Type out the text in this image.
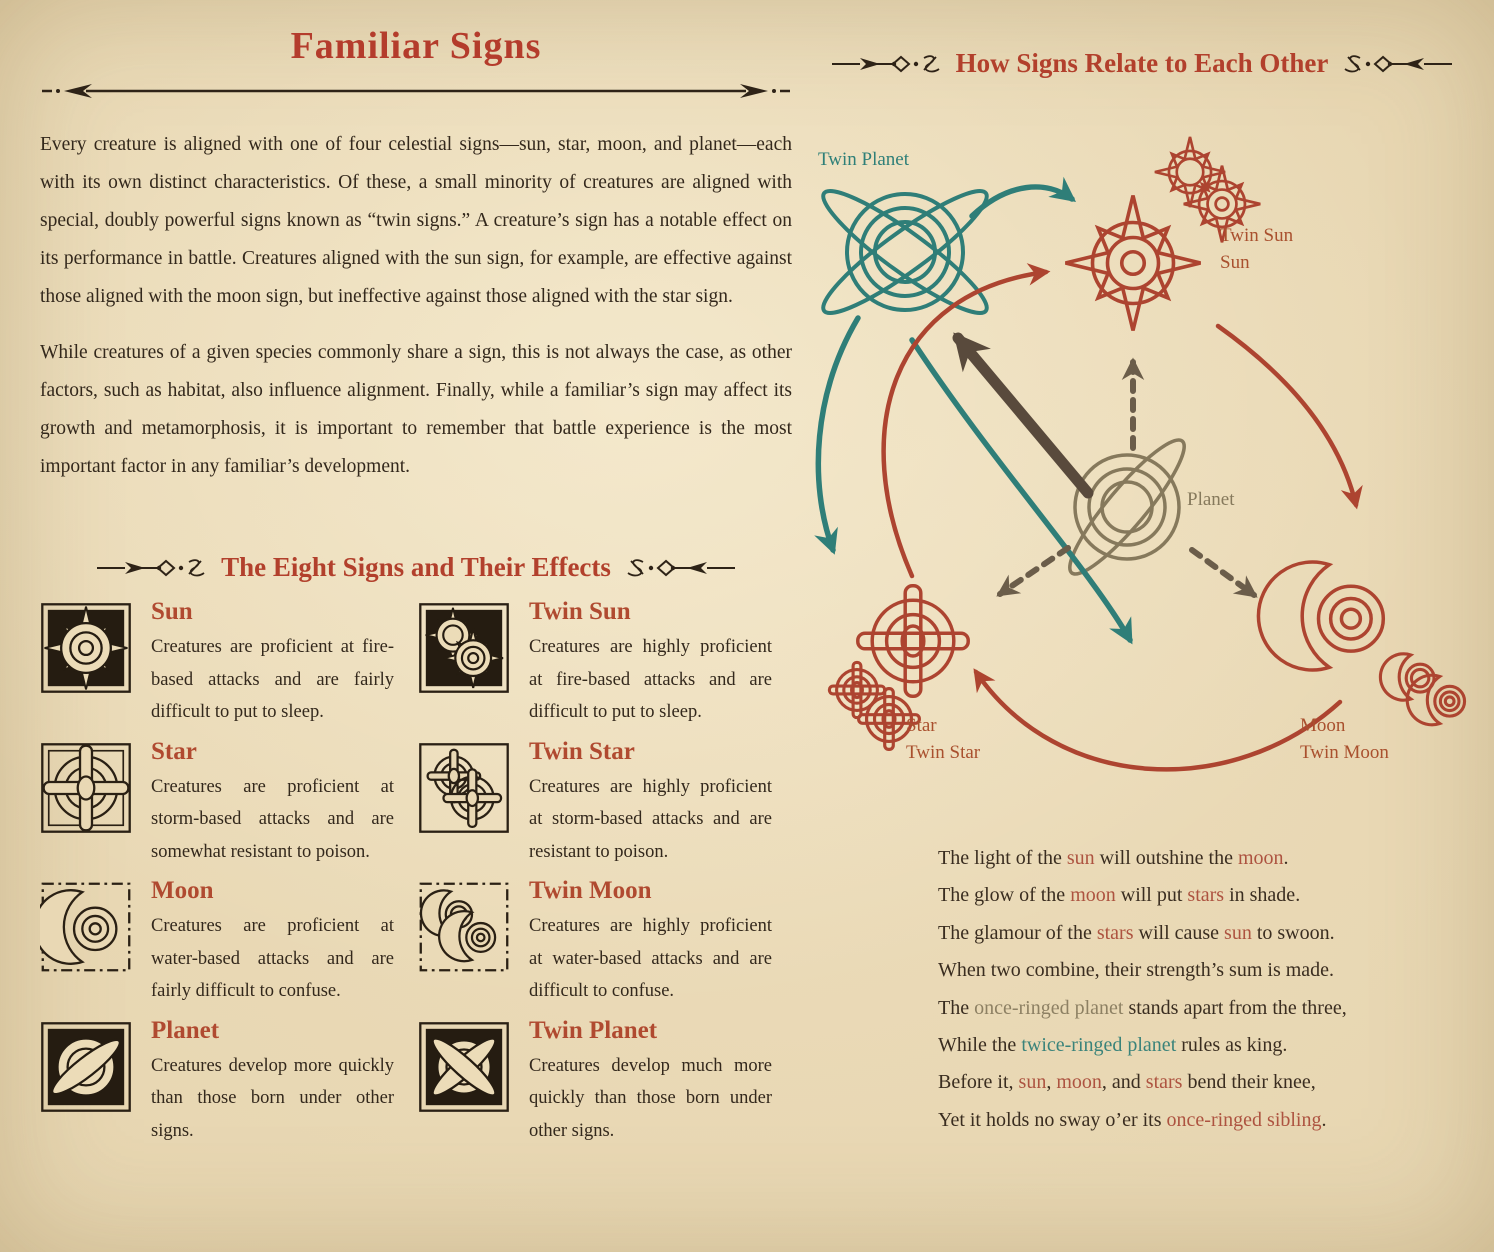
Familiar Signs

Every creature is aligned with one of four celestial signs—sun, star, moon, and planet—each with its own distinct characteristics. Of these, a small minority of creatures are aligned with special, doubly powerful signs known as “twin signs.” A creature’s sign has a notable effect on its performance in battle. Creatures aligned with the sun sign, for example, are effective against those aligned with the moon sign, but ineffective against those aligned with the star sign.

While creatures of a given species commonly share a sign, this is not always the case, as other factors, such as habitat, also influence alignment. Finally, while a familiar’s sign may affect its growth and metamorphosis, it is important to remember that battle experience is the most important factor in any familiar’s development.

The Eight Signs and Their Effects
Sun
Creatures are proficient at fire-based attacks and are fairly difficult to put to sleep.
Twin Sun
Creatures are highly proficient at fire-based attacks and are difficult to put to sleep.
Star
Creatures are proficient at storm-based attacks and are somewhat resistant to poison.
Twin Star
Creatures are highly proficient at storm-based attacks and are resistant to poison.
Moon
Creatures are proficient at water-based attacks and are fairly difficult to confuse.
Twin Moon
Creatures are highly proficient at water-based attacks and are difficult to confuse.
Planet
Creatures develop more quickly than those born under other signs.
Twin Planet
Creatures develop much more quickly than those born under other signs.
How Signs Relate to Each Other
Twin Planet
Twin Sun
Sun
Planet
Star
Twin Star
Moon
Twin Moon
The light of the sun will outshine the moon.
The glow of the moon will put stars in shade.
The glamour of the stars will cause sun to swoon.
When two combine, their strength’s sum is made.
The once-ringed planet stands apart from the three,
While the twice-ringed planet rules as king.
Before it, sun, moon, and stars bend their knee,
Yet it holds no sway o’er its once-ringed sibling.
